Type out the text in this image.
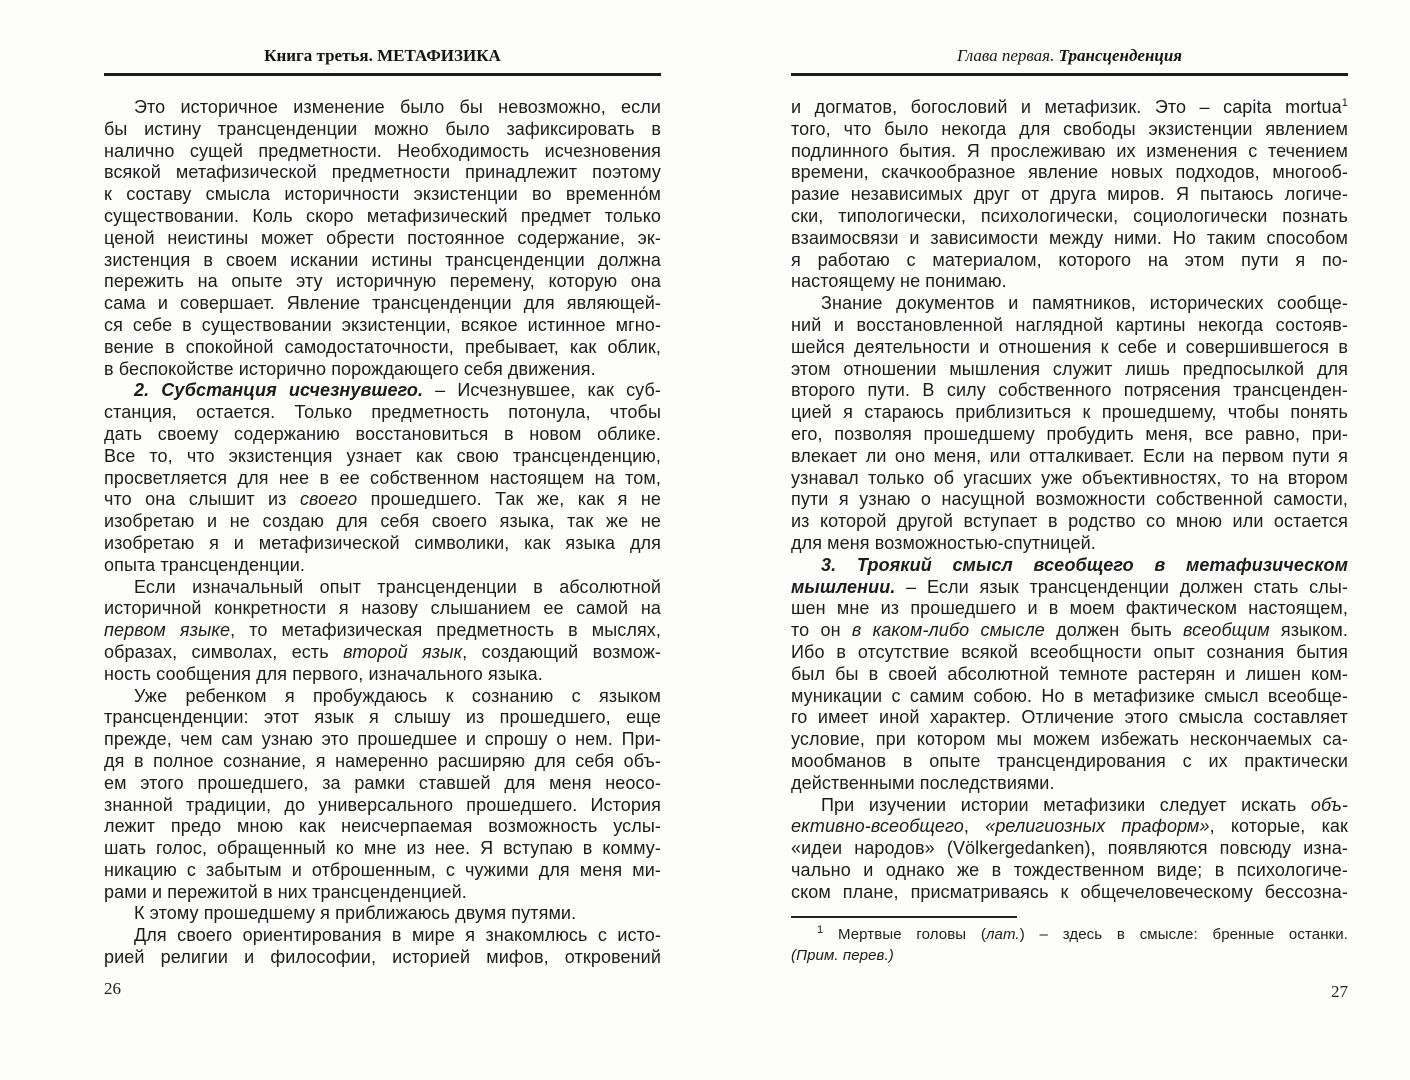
Книга третья. МЕТАФИЗИКА
Это историчное изменение было бы невозможно, если
бы истину трансценденции можно было зафиксировать в
налично сущей предметности. Необходимость исчезновения
всякой метафизической предметности принадлежит поэтому
к составу смысла историчности экзистенции во временно́м
существовании. Коль скоро метафизический предмет только
ценой неистины может обрести постоянное содержание, эк-
зистенция в своем искании истины трансценденции должна
пережить на опыте эту историчную перемену, которую она
сама и совершает. Явление трансценденции для являющей-
ся себе в существовании экзистенции, всякое истинное мгно-
вение в спокойной самодостаточности, пребывает, как облик,
в беспокойстве исторично порождающего себя движения.
2. Субстанция исчезнувшего. – Исчезнувшее, как суб-
станция, остается. Только предметность потонула, чтобы
дать своему содержанию восстановиться в новом облике.
Все то, что экзистенция узнает как свою трансценденцию,
просветляется для нее в ее собственном настоящем на том,
что она слышит из своего прошедшего. Так же, как я не
изобретаю и не создаю для себя своего языка, так же не
изобретаю я и метафизической символики, как языка для
опыта трансценденции.
Если изначальный опыт трансценденции в абсолютной
историчной конкретности я назову слышанием ее самой на
первом языке, то метафизическая предметность в мыслях,
образах, символах, есть второй язык, создающий возмож-
ность сообщения для первого, изначального языка.
Уже ребенком я пробуждаюсь к сознанию с языком
трансценденции: этот язык я слышу из прошедшего, еще
прежде, чем сам узнаю это прошедшее и спрошу о нем. При-
дя в полное сознание, я намеренно расширяю для себя объ-
ем этого прошедшего, за рамки ставшей для меня неосо-
знанной традиции, до универсального прошедшего. История
лежит предо мною как неисчерпаемая возможность услы-
шать голос, обращенный ко мне из нее. Я вступаю в комму-
никацию с забытым и отброшенным, с чужими для меня ми-
рами и пережитой в них трансценденцией.
К этому прошедшему я приближаюсь двумя путями.
Для своего ориентирования в мире я знакомлюсь с исто-
рией религии и философии, историей мифов, откровений
26
Глава первая. Трансценденция
и догматов, богословий и метафизик. Это – capita mortua$^1$
того, что было некогда для свободы экзистенции явлением
подлинного бытия. Я прослеживаю их изменения с течением
времени, скачкообразное явление новых подходов, многооб-
разие независимых друг от друга миров. Я пытаюсь логиче-
ски, типологически, психологически, социологически познать
взаимосвязи и зависимости между ними. Но таким способом
я работаю с материалом, которого на этом пути я по-
настоящему не понимаю.
Знание документов и памятников, исторических сообще-
ний и восстановленной наглядной картины некогда состояв-
шейся деятельности и отношения к себе и совершившегося в
этом отношении мышления служит лишь предпосылкой для
второго пути. В силу собственного потрясения трансценден-
цией я стараюсь приблизиться к прошедшему, чтобы понять
его, позволяя прошедшему пробудить меня, все равно, при-
влекает ли оно меня, или отталкивает. Если на первом пути я
узнавал только об угасших уже объективностях, то на втором
пути я узнаю о насущной возможности собственной самости,
из которой другой вступает в родство со мною или остается
для меня возможностью-спутницей.
3. Троякий смысл всеобщего в метафизическом
мышлении. – Если язык трансценденции должен стать слы-
шен мне из прошедшего и в моем фактическом настоящем,
то он в каком-либо смысле должен быть всеобщим языком.
Ибо в отсутствие всякой всеобщности опыт сознания бытия
был бы в своей абсолютной темноте растерян и лишен ком-
муникации с самим собою. Но в метафизике смысл всеобще-
го имеет иной характер. Отличение этого смысла составляет
условие, при котором мы можем избежать нескончаемых са-
мообманов в опыте трансцендирования с их практически
действенными последствиями.
При изучении истории метафизики следует искать объ-
ективно-всеобщего, «религиозных праформ», которые, как
«идеи народов» (Völkergedanken), появляются повсюду изна-
чально и однако же в тождественном виде; в психологиче-
ском плане, присматриваясь к общечеловеческому бессозна-
$^1$ Мертвые головы (лат.) – здесь в смысле: бренные останки.
(Прим. перев.)
27
